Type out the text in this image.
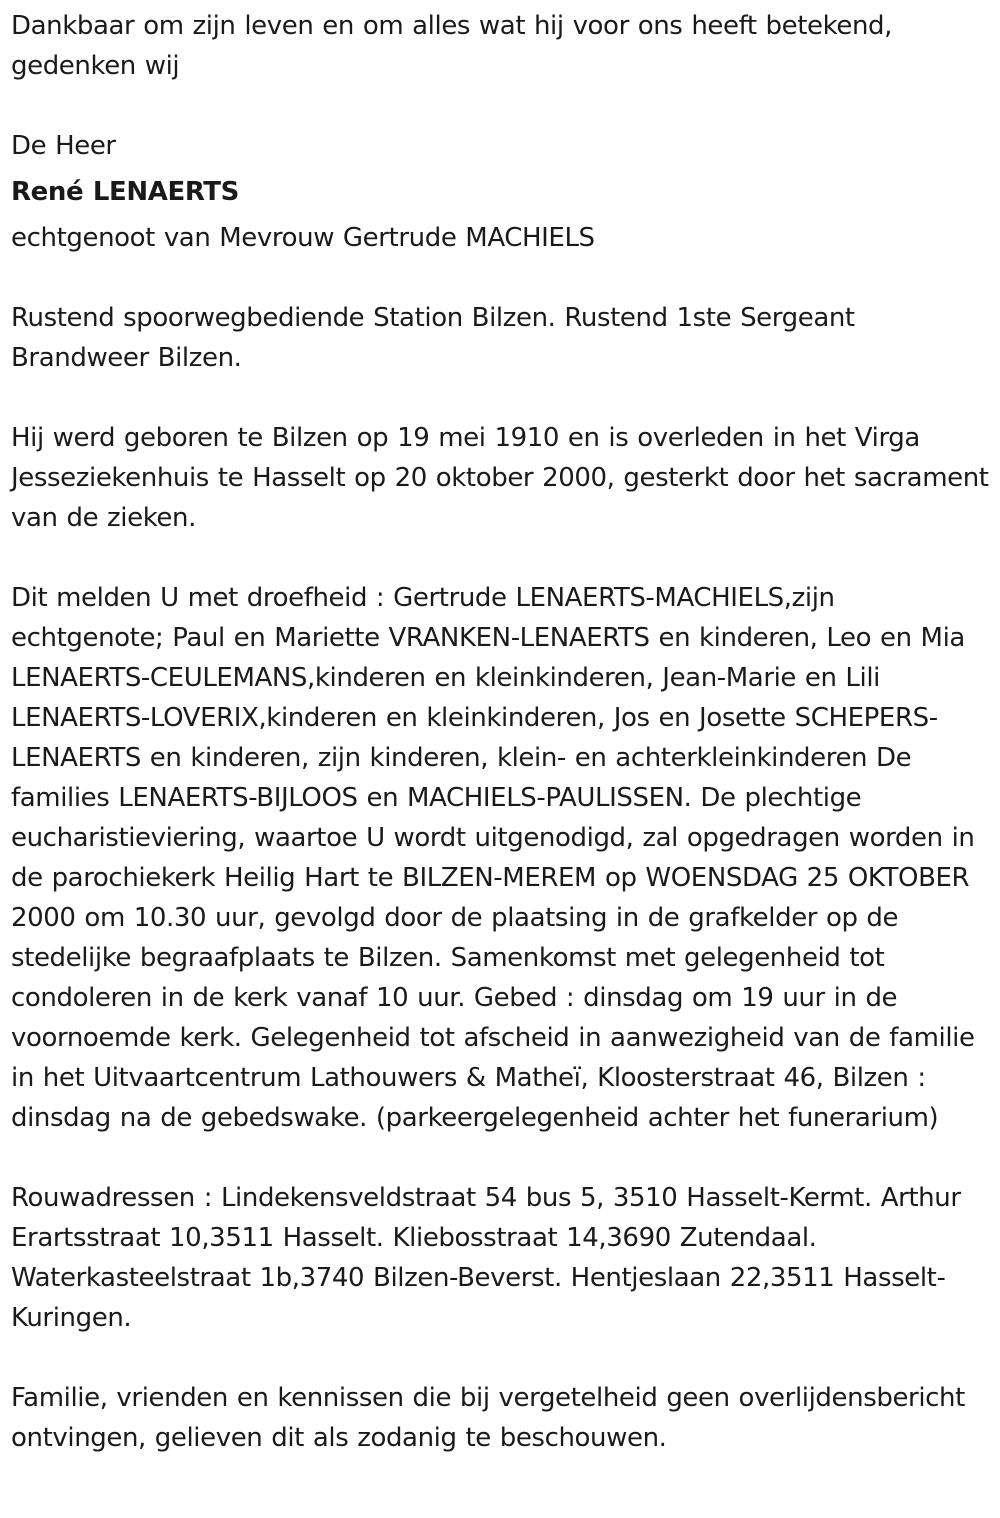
Dankbaar om zijn leven en om alles wat hij voor ons heeft betekend, gedenken wij

De Heer

René LENAERTS

echtgenoot van Mevrouw Gertrude MACHIELS

Rustend spoorwegbediende Station Bilzen. Rustend 1ste Sergeant Brandweer Bilzen.

Hij werd geboren te Bilzen op 19 mei 1910 en is overleden in het Virga Jesseziekenhuis te Hasselt op 20 oktober 2000, gesterkt door het sacrament van de zieken.

Dit melden U met droefheid : Gertrude LENAERTS-MACHIELS,zijn echtgenote; Paul en Mariette VRANKEN-LENAERTS en kinderen, Leo en Mia LENAERTS-CEULEMANS,kinderen en kleinkinderen, Jean-Marie en Lili LENAERTS-LOVERIX,kinderen en kleinkinderen, Jos en Josette SCHEPERS-LENAERTS en kinderen, zijn kinderen, klein- en achterkleinkinderen De families LENAERTS-BIJLOOS en MACHIELS-PAULISSEN. De plechtige eucharistieviering, waartoe U wordt uitgenodigd, zal opgedragen worden in de parochiekerk Heilig Hart te BILZEN-MEREM op WOENSDAG 25 OKTOBER 2000 om 10.30 uur, gevolgd door de plaatsing in de grafkelder op de stedelijke begraafplaats te Bilzen. Samenkomst met gelegenheid tot condoleren in de kerk vanaf 10 uur. Gebed : dinsdag om 19 uur in de voornoemde kerk. Gelegenheid tot afscheid in aanwezigheid van de familie in het Uitvaartcentrum Lathouwers & Matheï, Kloosterstraat 46, Bilzen : dinsdag na de gebedswake. (parkeergelegenheid achter het funerarium)

Rouwadressen : Lindekensveldstraat 54 bus 5, 3510 Hasselt-Kermt. Arthur Erartsstraat 10,3511 Hasselt. Kliebosstraat 14,3690 Zutendaal. Waterkasteelstraat 1b,3740 Bilzen-Beverst. Hentjeslaan 22,3511 Hasselt-Kuringen.

Familie, vrienden en kennissen die bij vergetelheid geen overlijdensbericht ontvingen, gelieven dit als zodanig te beschouwen.
